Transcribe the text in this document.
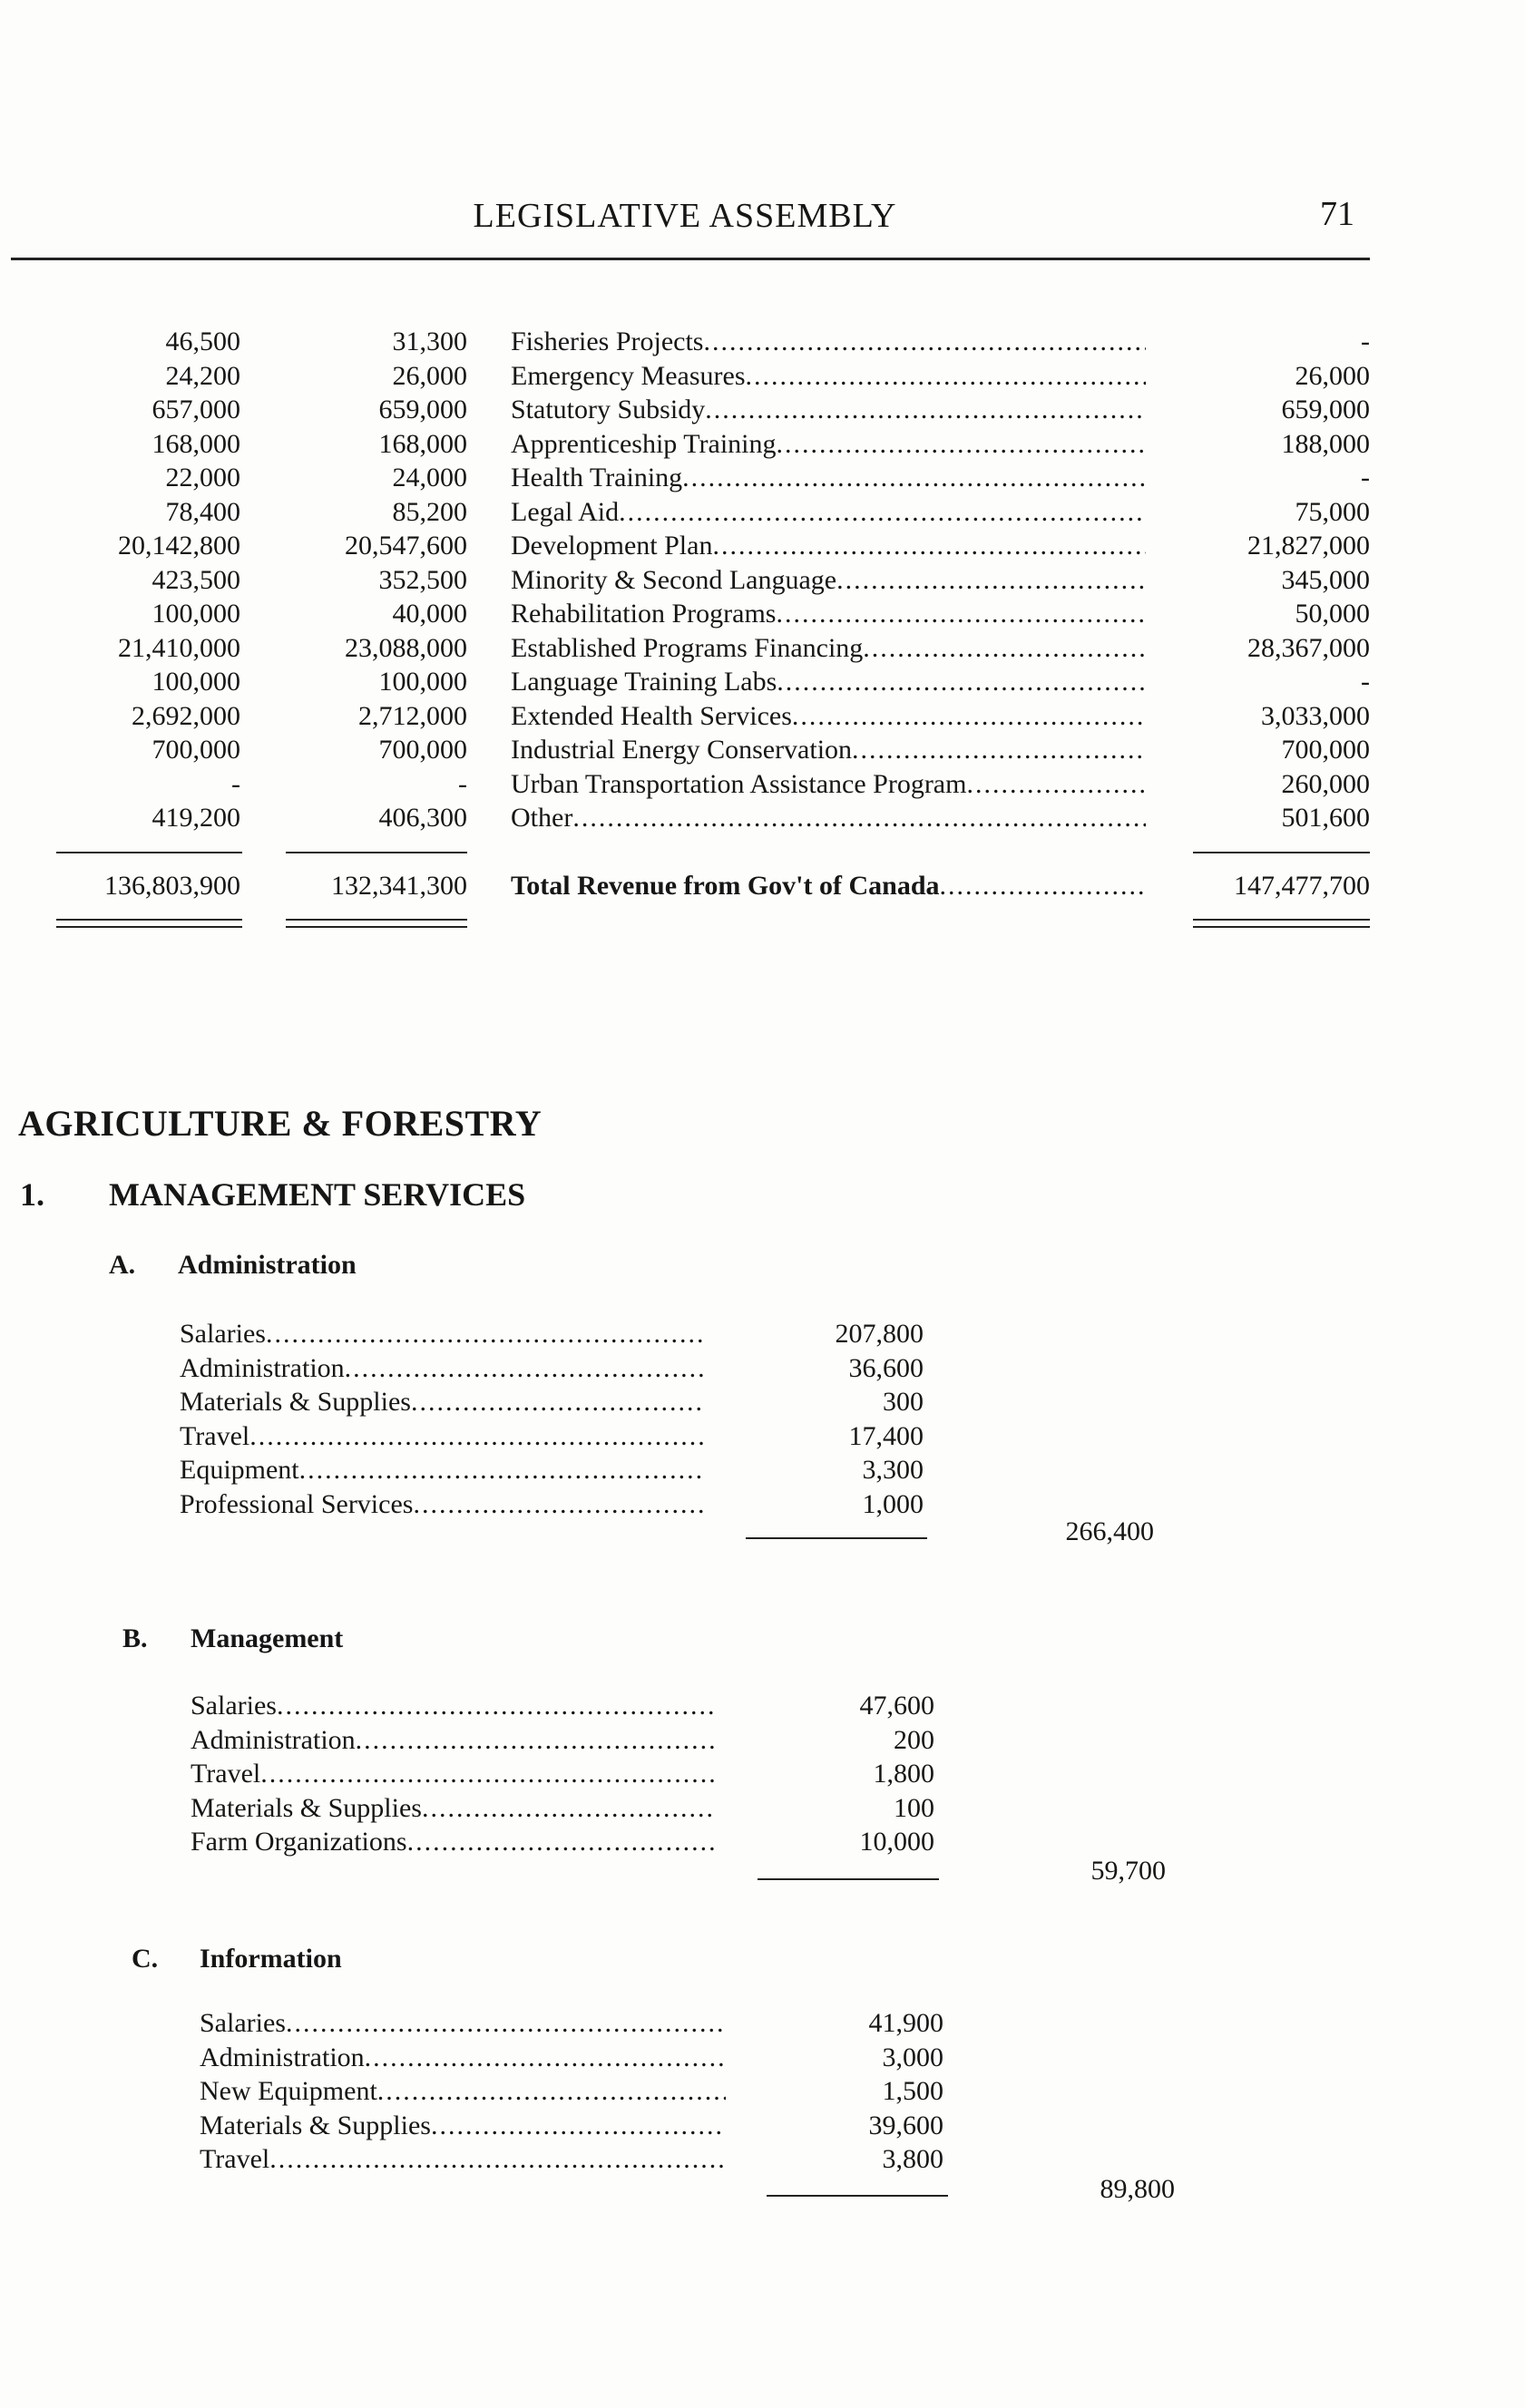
LEGISLATIVE ASSEMBLY	71
46,500	31,300 Fisheries Projects .....	-
24,200	26,000 Emergency Measures .....	26,000
657,000	659,000 Statutory Subsidy .....	659,000
168,000	168,000 Apprenticeship Training .....	188,000
22,000	24,000 Health Training .....	-
78,400	85,200 Legal Aid .....	75,000
20,142,800	20,547,600 Development Plan .....	21,827,000
423,500	352,500 Minority & Second Language .....	345,000
100,000	40,000 Rehabilitation Programs .....	50,000
21,410,000	23,088,000 Established Programs Financing .....	28,367,000
100,000	100,000 Language Training Labs .....	-
2,692,000	2,712,000 Extended Health Services .....	3,033,000
700,000	700,000 Industrial Energy Conservation .....	700,000
-	- Urban Transportation Assistance Program .....	260,000
419,200	406,300 Other .....	501,600
136,803,900	132,341,300 Total Revenue from Gov't of Canada .....	147,477,700
AGRICULTURE & FORESTRY
1. MANAGEMENT SERVICES
A. Administration
Salaries .....	207,800
Administration .....	36,600
Materials & Supplies .....	300
Travel .....	17,400
Equipment .....	3,300
Professional Services .....	1,000
266,400
B. Management
Salaries .....	47,600
Administration .....	200
Travel .....	1,800
Materials & Supplies .....	100
Farm Organizations .....	10,000
59,700
C. Information
Salaries .....	41,900
Administration .....	3,000
New Equipment .....	1,500
Materials & Supplies .....	39,600
Travel .....	3,800
89,800
